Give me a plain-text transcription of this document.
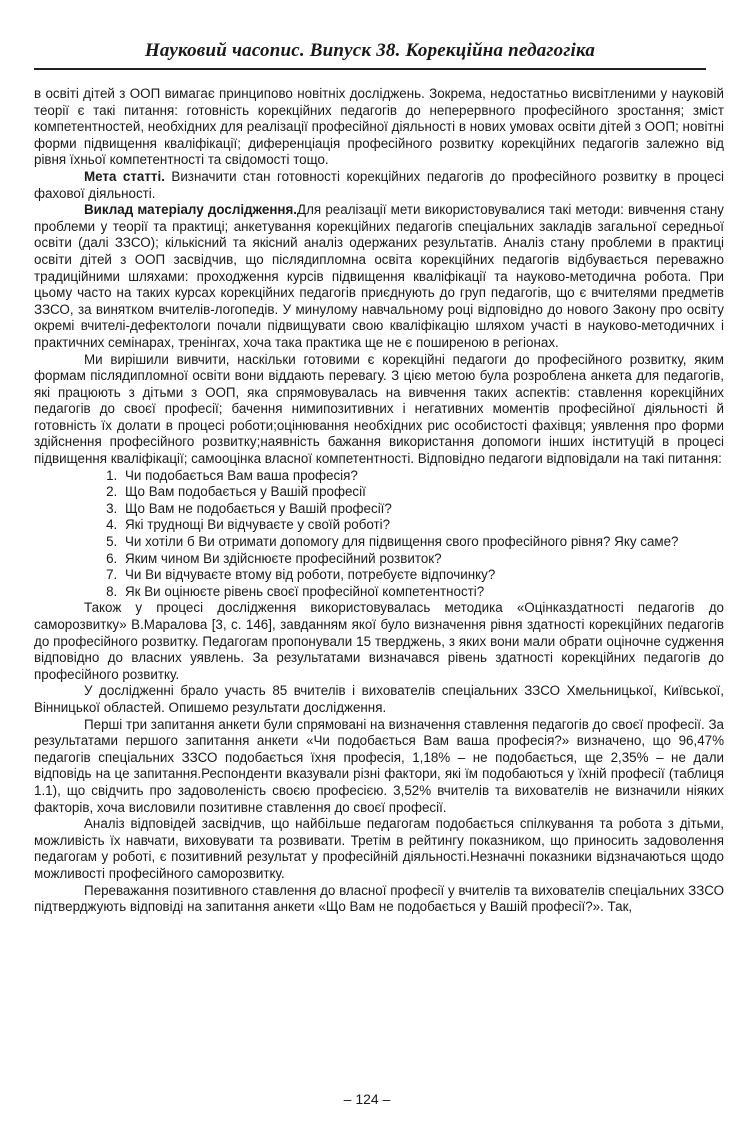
Науковий часопис. Випуск 38. Корекційна педагогіка

в освіті дітей з ООП вимагає принципово новітніх досліджень. Зокрема, недостатньо висвітленими у науковій теорії є такі питання: готовність корекційних педагогів до неперервного професійного зростання; зміст компетентностей, необхідних для реалізації професійної діяльності в нових умовах освіти дітей з ООП; новітні форми підвищення кваліфікації; диференціація професійного розвитку корекційних педагогів залежно від рівня їхньої компетентності та свідомості тощо.

Мета статті. Визначити стан готовності корекційних педагогів до професійного розвитку в процесі фахової діяльності.

Виклад матеріалу дослідження.Для реалізації мети використовувалися такі методи: вивчення стану проблеми у теорії та практиці; анкетування корекційних педагогів спеціальних закладів загальної середньої освіти (далі ЗЗСО); кількісний та якісний аналіз одержаних результатів. Аналіз стану проблеми в практиці освіти дітей з ООП засвідчив, що післядипломна освіта корекційних педагогів відбувається переважно традиційними шляхами: проходження курсів підвищення кваліфікації та науково-методична робота. При цьому часто на таких курсах корекційних педагогів приєднують до груп педагогів, що є вчителями предметів ЗЗСО, за винятком вчителів-логопедів. У минулому навчальному році відповідно до нового Закону про освіту окремі вчителі-дефектологи почали підвищувати свою кваліфікацію шляхом участі в науково-методичних і практичних семінарах, тренінгах, хоча така практика ще не є поширеною в регіонах.

Ми вирішили вивчити, наскільки готовими є корекційні педагоги до професійного розвитку, яким формам післядипломної освіти вони віддають перевагу. З цією метою була розроблена анкета для педагогів, які працюють з дітьми з ООП, яка спрямовувалась на вивчення таких аспектів: ставлення корекційних педагогів до своєї професії; бачення нимипозитивних і негативних моментів професійної діяльності й готовність їх долати в процесі роботи;оцінювання необхідних рис особистості фахівця; уявлення про форми здійснення професійного розвитку;наявність бажання використання допомоги інших інституцій в процесі підвищення кваліфікації; самооцінка власної компетентності. Відповідно педагоги відповідали на такі питання:

1. Чи подобається Вам ваша професія?
2. Що Вам подобається у Вашій професії
3. Що Вам не подобається у Вашій професії?
4. Які труднощі Ви відчуваєте у своїй роботі?
5. Чи хотіли б Ви отримати допомогу для підвищення свого професійного рівня? Яку саме?
6. Яким чином Ви здійснюєте професійний розвиток?
7. Чи Ви відчуваєте втому від роботи, потребуєте відпочинку?
8. Як Ви оцінюєте рівень своєї професійної компетентності?

Також у процесі дослідження використовувалась методика «Оцінказдатності педагогів до саморозвитку» В.Маралова [3, с. 146], завданням якої було визначення рівня здатності корекційних педагогів до професійного розвитку. Педагогам пропонували 15 тверджень, з яких вони мали обрати оціночне судження відповідно до власних уявлень. За результатами визначався рівень здатності корекційних педагогів до професійного розвитку.

У дослідженні брало участь 85 вчителів і вихователів спеціальних ЗЗСО Хмельницької, Київської, Вінницької областей. Опишемо результати дослідження.

Перші три запитання анкети були спрямовані на визначення ставлення педагогів до своєї професії. За результатами першого запитання анкети «Чи подобається Вам ваша професія?» визначено, що 96,47% педагогів спеціальних ЗЗСО подобається їхня професія, 1,18% – не подобається, ще 2,35% – не дали відповідь на це запитання.Респонденти вказували різні фактори, які їм подобаються у їхній професії (таблиця 1.1), що свідчить про задоволеність своєю професією. 3,52% вчителів та вихователів не визначили ніяких факторів, хоча висловили позитивне ставлення до своєї професії.

Аналіз відповідей засвідчив, що найбільше педагогам подобається спілкування та робота з дітьми, можливість їх навчати, виховувати та розвивати. Третім в рейтингу показником, що приносить задоволення педагогам у роботі, є позитивний результат у професійній діяльності.Незначні показники відзначаються щодо можливості професійного саморозвитку.

Переважання позитивного ставлення до власної професії у вчителів та вихователів спеціальних ЗЗСО підтверджують відповіді на запитання анкети «Що Вам не подобається у Вашій професії?». Так,

– 124 –
